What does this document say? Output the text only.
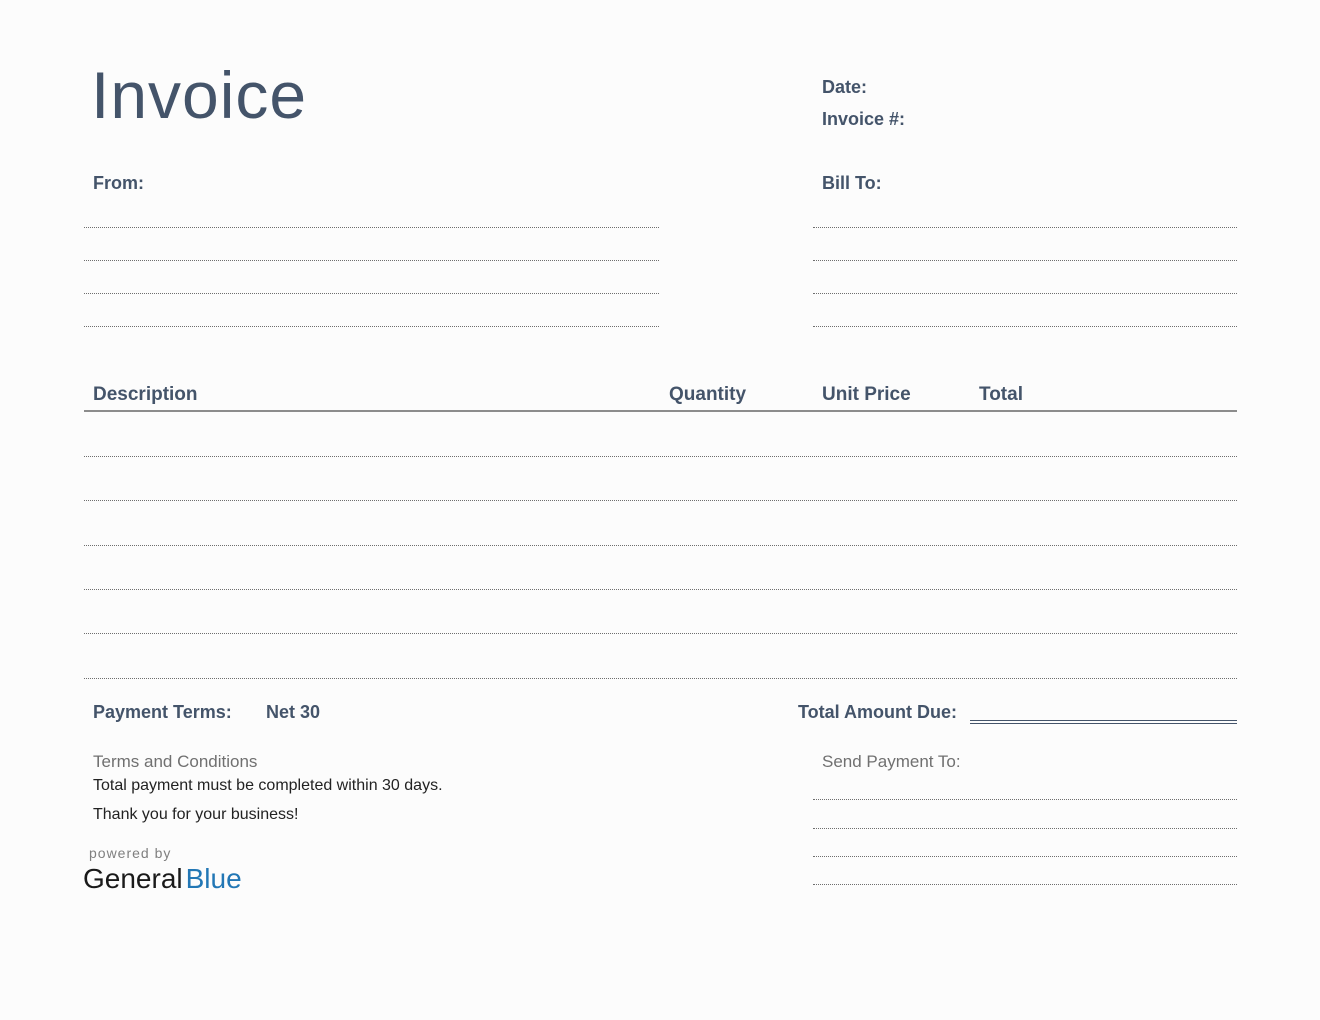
Invoice	Date:
Invoice #:
From:	Bill To:
Description	Quantity	Unit Price	Total
Payment Terms: Net 30	Total Amount Due:
Terms and Conditions
Total payment must be completed within 30 days.
Thank you for your business!
Send Payment To:
powered by
General Blue
